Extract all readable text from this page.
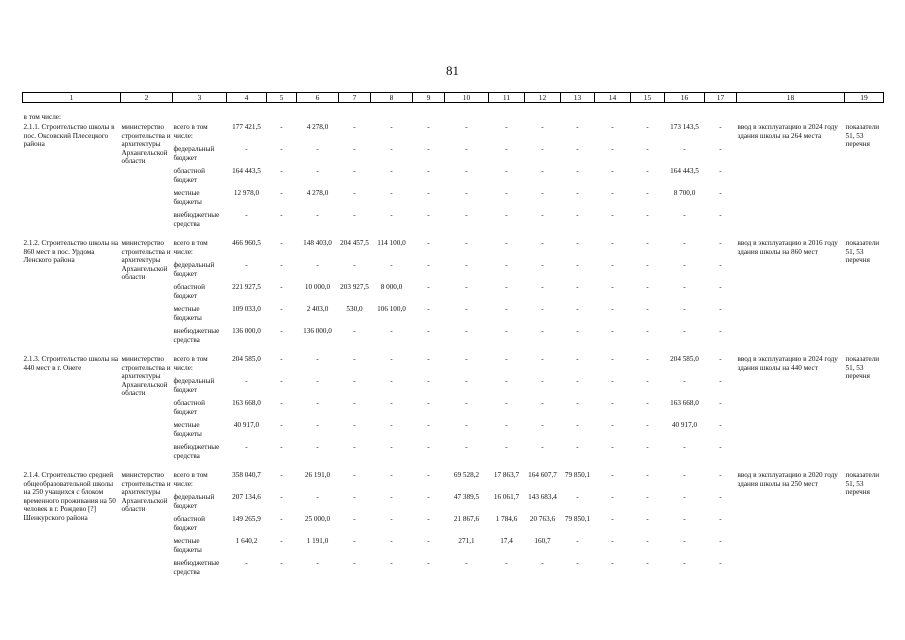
81
1	2	3	4	5	6	7	8	9	10	11	12	13	14	15	16	17	18	19
в том числе:																		
2.1.1. Строительство школы в пос. Оксовский Плесецкого района	министерство строительства и архитектуры Архангельской области	всего в том числе:	177 421,5	-	4 278,0	-	-	-	-	-	-	-	-	-	173 143,5	-	ввод в эксплуатацию в 2024 году здания школы на 264 места	показатели 51, 53 перечня
		федеральный бюджет	-	-	-	-	-	-	-	-	-	-	-	-	-	-		
		областной бюджет	164 443,5	-	-	-	-	-	-	-	-	-	-	-	164 443,5	-		
		местные бюджеты	12 978,0	-	4 278,0	-	-	-	-	-	-	-	-	-	8 700,0	-		
		внебюджетные средства	-	-	-	-	-	-	-	-	-	-	-	-	-	-		

2.1.2. Строительство школы на 860 мест в пос. Урдома Ленского района	министерство строительства и архитектуры Архангельской области	всего в том числе:	466 960,5	-	148 403,0	204 457,5	114 100,0	-	-	-	-	-	-	-	-	-	ввод в эксплуатацию в 2016 году здания школы на 860 мест	показатели 51, 53 перечня
		федеральный бюджет	-	-	-	-	-	-	-	-	-	-	-	-	-	-		
		областной бюджет	221 927,5	-	10 000,0	203 927,5	8 000,0	-	-	-	-	-	-	-	-	-		
		местные бюджеты	109 033,0	-	2 403,0	530,0	106 100,0	-	-	-	-	-	-	-	-	-		
		внебюджетные средства	136 000,0	-	136 000,0	-	-	-	-	-	-	-	-	-	-	-		

2.1.3. Строительство школы на 440 мест в г. Онеге	министерство строительства и архитектуры Архангельской области	всего в том числе:	204 585,0	-	-	-	-	-	-	-	-	-	-	-	204 585,0	-	ввод в эксплуатацию в 2024 году здания школы на 440 мест	показатели 51, 53 перечня
		федеральный бюджет	-	-	-	-	-	-	-	-	-	-	-	-	-	-		
		областной бюджет	163 668,0	-	-	-	-	-	-	-	-	-	-	-	163 668,0	-		
		местные бюджеты	40 917,0	-	-	-	-	-	-	-	-	-	-	-	40 917,0	-		
		внебюджетные средства	-	-	-	-	-	-	-	-	-	-	-	-	-	-		

2.1.4. Строительство средней общеобразовательной школы на 250 учащихся с блоком временного проживания на 50 человек в г. Рождево [?] Шенкурского района	министерство строительства и архитектуры Архангельской области	всего в том числе:	358 040,7	-	26 191,0	-	-	-	69 528,2	17 863,7	164 607,7	79 850,1	-	-	-	-	ввод в эксплуатацию в 2020 году здания школы на 250 мест	показатели 51, 53 перечня
		федеральный бюджет	207 134,6	-	-	-	-	-	47 389,5	16 061,7	143 683,4	-	-	-	-	-		
		областной бюджет	149 265,9	-	25 000,0	-	-	-	21 867,6	1 784,6	20 763,6	79 850,1	-	-	-	-		
		местные бюджеты	1 640,2	-	1 191,0	-	-	-	271,1	17,4	160,7	-	-	-	-	-		
		внебюджетные средства	-	-	-	-	-	-	-	-	-	-	-	-	-	-		
